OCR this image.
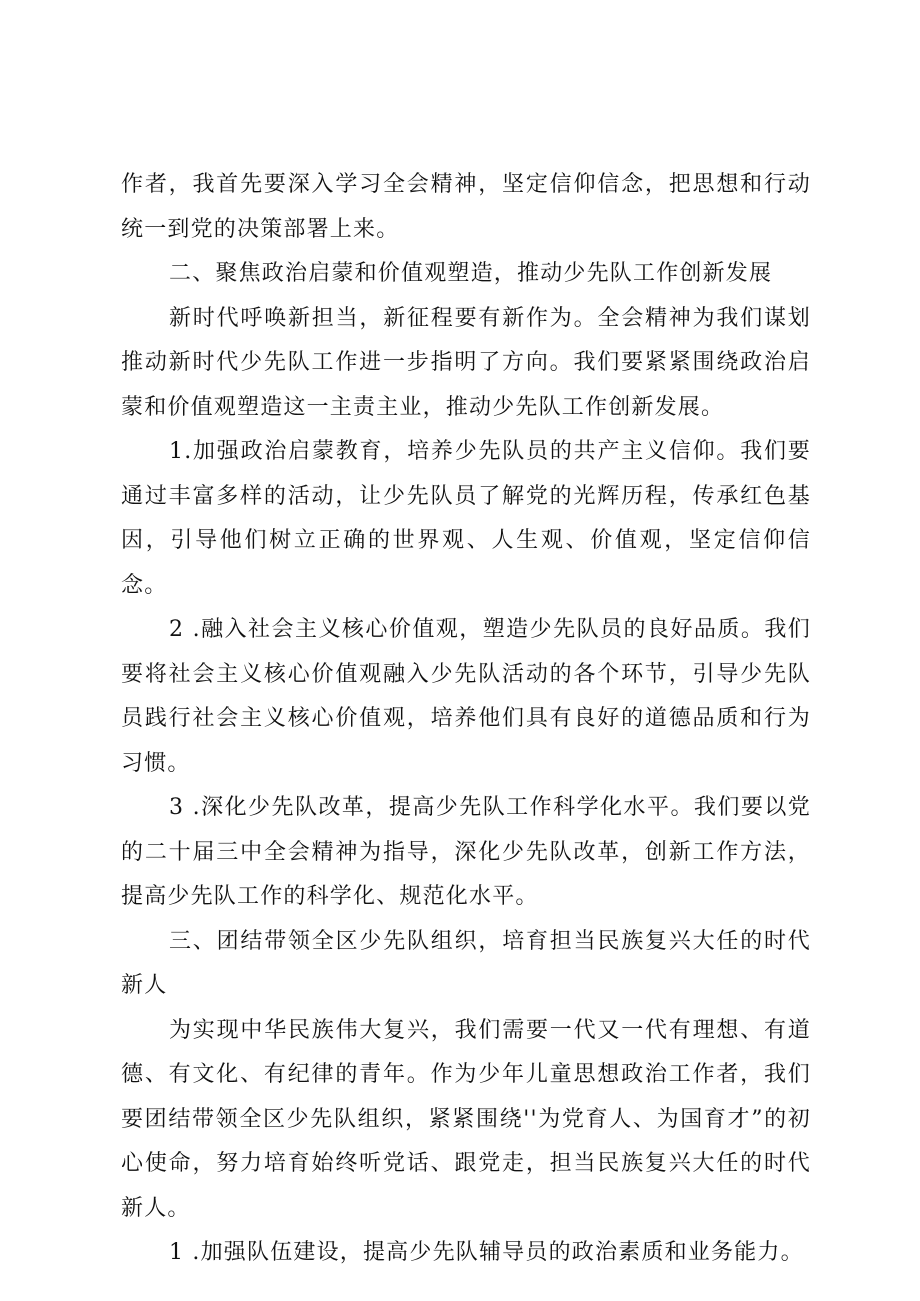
作者，我首先要深入学习全会精神，坚定信仰信念，把思想和行动统一到党的决策部署上来。

二、聚焦政治启蒙和价值观塑造，推动少先队工作创新发展

新时代呼唤新担当，新征程要有新作为。全会精神为我们谋划推动新时代少先队工作进一步指明了方向。我们要紧紧围绕政治启蒙和价值观塑造这一主责主业，推动少先队工作创新发展。

1.加强政治启蒙教育，培养少先队员的共产主义信仰。我们要通过丰富多样的活动，让少先队员了解党的光辉历程，传承红色基因，引导他们树立正确的世界观、人生观、价值观，坚定信仰信念。

2 .融入社会主义核心价值观，塑造少先队员的良好品质。我们要将社会主义核心价值观融入少先队活动的各个环节，引导少先队员践行社会主义核心价值观，培养他们具有良好的道德品质和行为习惯。

3 .深化少先队改革，提高少先队工作科学化水平。我们要以党的二十届三中全会精神为指导，深化少先队改革，创新工作方法，提高少先队工作的科学化、规范化水平。

三、团结带领全区少先队组织，培育担当民族复兴大任的时代新人

为实现中华民族伟大复兴，我们需要一代又一代有理想、有道德、有文化、有纪律的青年。作为少年儿童思想政治工作者，我们要团结带领全区少先队组织，紧紧围绕''为党育人、为国育才”的初心使命，努力培育始终听党话、跟党走，担当民族复兴大任的时代新人。

1 .加强队伍建设，提高少先队辅导员的政治素质和业务能力。
